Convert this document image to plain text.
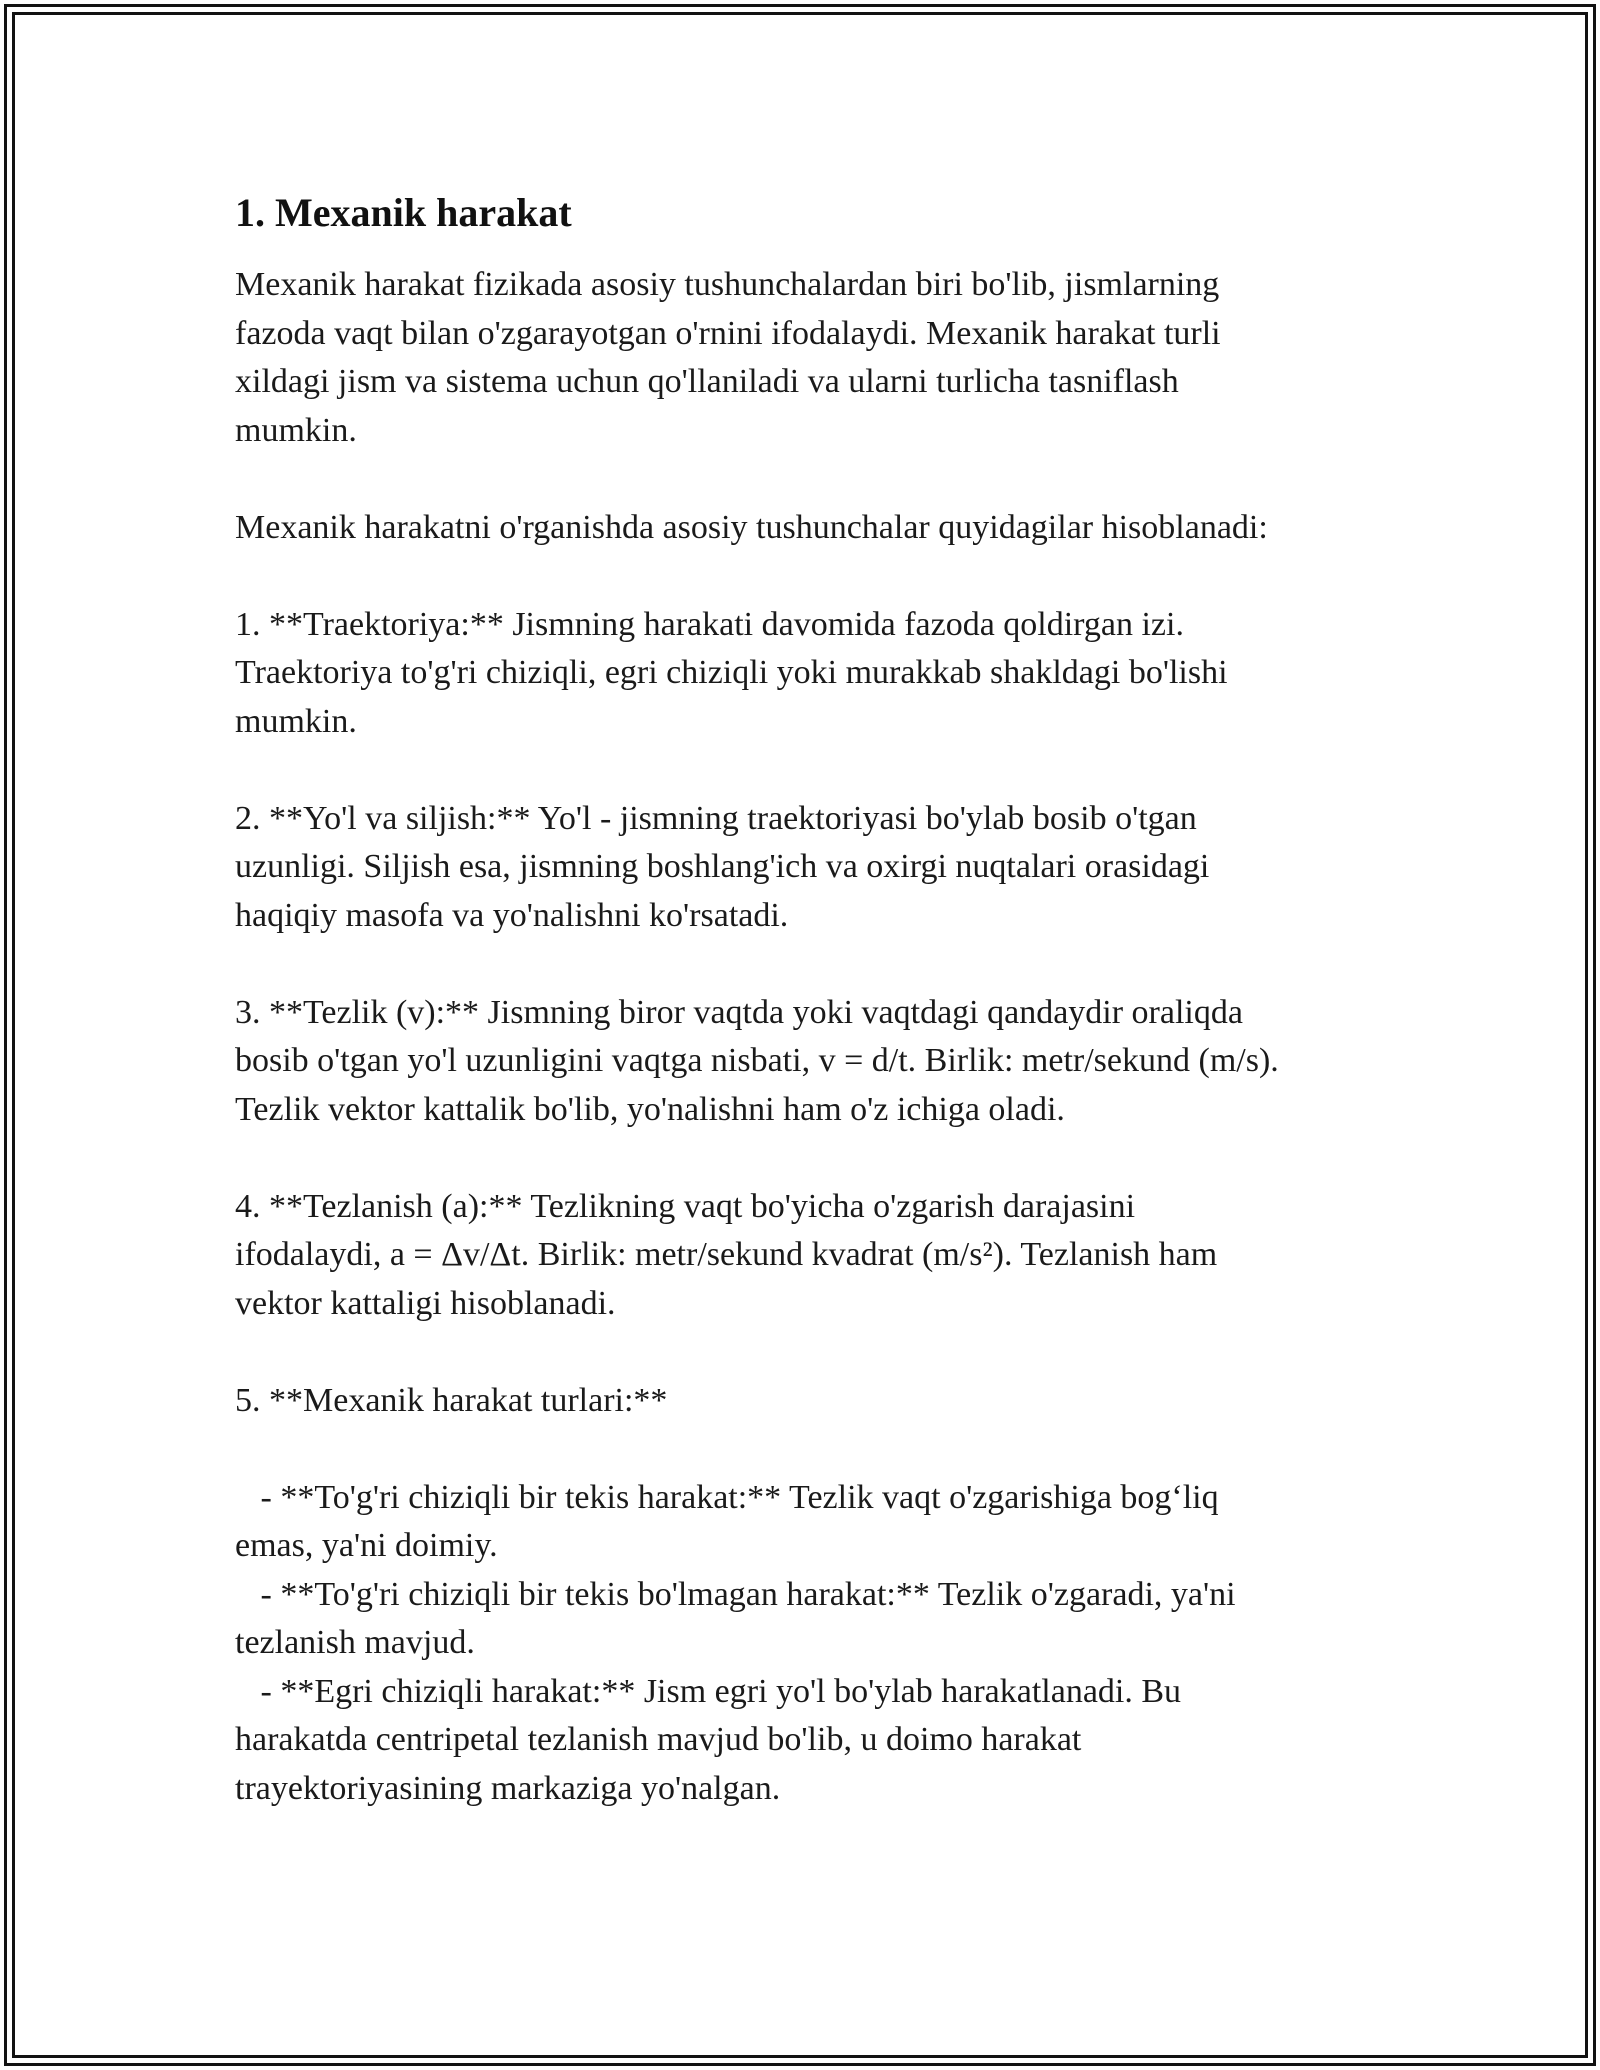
1. Mexanik harakat

Mexanik harakat fizikada asosiy tushunchalardan biri bo'lib, jismlarning
fazoda vaqt bilan o'zgarayotgan o'rnini ifodalaydi. Mexanik harakat turli
xildagi jism va sistema uchun qo'llaniladi va ularni turlicha tasniflash
mumkin.

Mexanik harakatni o'rganishda asosiy tushunchalar quyidagilar hisoblanadi:

1. **Traektoriya:** Jismning harakati davomida fazoda qoldirgan izi.
Traektoriya to'g'ri chiziqli, egri chiziqli yoki murakkab shakldagi bo'lishi
mumkin.

2. **Yo'l va siljish:** Yo'l - jismning traektoriyasi bo'ylab bosib o'tgan
uzunligi. Siljish esa, jismning boshlang'ich va oxirgi nuqtalari orasidagi
haqiqiy masofa va yo'nalishni ko'rsatadi.

3. **Tezlik (v):** Jismning biror vaqtda yoki vaqtdagi qandaydir oraliqda
bosib o'tgan yo'l uzunligini vaqtga nisbati, v = d/t. Birlik: metr/sekund (m/s).
Tezlik vektor kattalik bo'lib, yo'nalishni ham o'z ichiga oladi.

4. **Tezlanish (a):** Tezlikning vaqt bo'yicha o'zgarish darajasini
ifodalaydi, a = Δv/Δt. Birlik: metr/sekund kvadrat (m/s²). Tezlanish ham
vektor kattaligi hisoblanadi.

5. **Mexanik harakat turlari:**

- **To'g'ri chiziqli bir tekis harakat:** Tezlik vaqt o'zgarishiga bog‘liq
emas, ya'ni doimiy.
- **To'g'ri chiziqli bir tekis bo'lmagan harakat:** Tezlik o'zgaradi, ya'ni
tezlanish mavjud.
- **Egri chiziqli harakat:** Jism egri yo'l bo'ylab harakatlanadi. Bu
harakatda centripetal tezlanish mavjud bo'lib, u doimo harakat
trayektoriyasining markaziga yo'nalgan.
